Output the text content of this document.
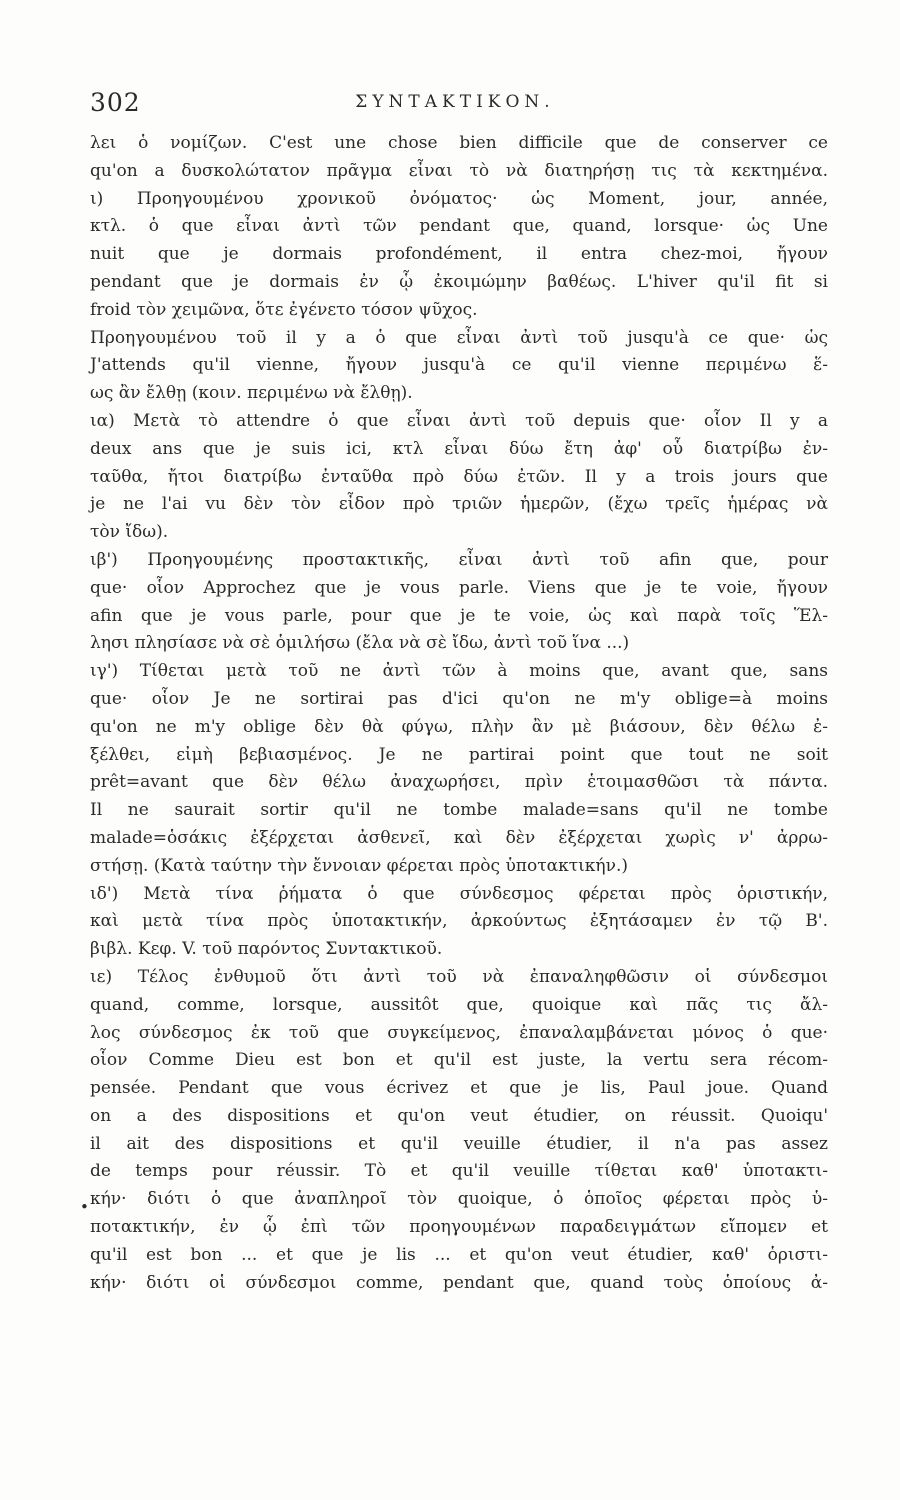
302	ΣΥΝΤΑΚΤΙΚΟΝ.
λει ὁ νομίζων. C'est une chose bien difficile que de conserver ce
qu'on a δυσκολώτατον πρᾶγμα εἶναι τὸ νὰ διατηρήσῃ τις τὰ κεκτημένα.
ι) Προηγουμένου χρονικοῦ ὀνόματος· ὡς Moment, jour, année,
κτλ. ὁ que εἶναι ἀντὶ τῶν pendant que, quand, lorsque· ὡς Une
nuit que je dormais profondément, il entra chez-moi, ἤγουν
pendant que je dormais ἐν ᾧ ἐκοιμώμην βαθέως. L'hiver qu'il fit si
froid τὸν χειμῶνα, ὅτε ἐγένετο τόσον ψῦχος.
Προηγουμένου τοῦ il y a ὁ que εἶναι ἀντὶ τοῦ jusqu'à ce que· ὡς
J'attends qu'il vienne, ἤγουν jusqu'à ce qu'il vienne περιμένω ἕ-
ως ἂν ἔλθῃ (κοιν. περιμένω νὰ ἔλθῃ).
ια) Μετὰ τὸ attendre ὁ que εἶναι ἀντὶ τοῦ depuis que· οἷον Il y a
deux ans que je suis ici, κτλ εἶναι δύω ἔτη ἀφ' οὗ διατρίβω ἐν-
ταῦθα, ἤτοι διατρίβω ἐνταῦθα πρὸ δύω ἐτῶν. Il y a trois jours que
je ne l'ai vu δὲν τὸν εἶδον πρὸ τριῶν ἡμερῶν, (ἔχω τρεῖς ἡμέρας νὰ
τὸν ἴδω).
ιβ') Προηγουμένης προστακτικῆς, εἶναι ἀντὶ τοῦ afin que, pour
que· οἷον Approchez que je vous parle. Viens que je te voie, ἤγουν
afin que je vous parle, pour que je te voie, ὡς καὶ παρὰ τοῖς Ἕλ-
λησι πλησίασε νὰ σὲ ὁμιλήσω (ἔλα νὰ σὲ ἴδω, ἀντὶ τοῦ ἵνα ...)
ιγ') Τίθεται μετὰ τοῦ ne ἀντὶ τῶν à moins que, avant que, sans
que· οἷον Je ne sortirai pas d'ici qu'on ne m'y oblige=à moins
qu'on ne m'y oblige δὲν θὰ φύγω, πλὴν ἂν μὲ βιάσουν, δὲν θέλω ἐ-
ξέλθει, εἰμὴ βεβιασμένος. Je ne partirai point que tout ne soit
prêt=avant que δὲν θέλω ἀναχωρήσει, πρὶν ἑτοιμασθῶσι τὰ πάντα.
Il ne saurait sortir qu'il ne tombe malade=sans qu'il ne tombe
malade=ὁσάκις ἐξέρχεται ἀσθενεῖ, καὶ δὲν ἐξέρχεται χωρὶς ν' ἀρρω-
στήσῃ. (Κατὰ ταύτην τὴν ἔννοιαν φέρεται πρὸς ὑποτακτικήν.)
ιδ') Μετὰ τίνα ῥήματα ὁ que σύνδεσμος φέρεται πρὸς ὁριστικήν,
καὶ μετὰ τίνα πρὸς ὑποτακτικήν, ἀρκούντως ἐξητάσαμεν ἐν τῷ Β'.
βιβλ. Κεφ. V. τοῦ παρόντος Συντακτικοῦ.
ιε) Τέλος ἐνθυμοῦ ὅτι ἀντὶ τοῦ νὰ ἐπαναληφθῶσιν οἱ σύνδεσμοι
quand, comme, lorsque, aussitôt que, quoique καὶ πᾶς τις ἄλ-
λος σύνδεσμος ἐκ τοῦ que συγκείμενος, ἐπαναλαμβάνεται μόνος ὁ que·
οἷον Comme Dieu est bon et qu'il est juste, la vertu sera récom-
pensée. Pendant que vous écrivez et que je lis, Paul joue. Quand
on a des dispositions et qu'on veut étudier, on réussit. Quoiqu'
il ait des dispositions et qu'il veuille étudier, il n'a pas assez
de temps pour réussir. Τὸ et qu'il veuille τίθεται καθ' ὑποτακτι-
κήν· διότι ὁ que ἀναπληροῖ τὸν quoique, ὁ ὁποῖος φέρεται πρὸς ὑ-
ποτακτικήν, ἐν ᾧ ἐπὶ τῶν προηγουμένων παραδειγμάτων εἴπομεν et
qu'il est bon ... et que je lis ... et qu'on veut étudier, καθ' ὁριστι-
κήν· διότι οἱ σύνδεσμοι comme, pendant que, quand τοὺς ὁποίους ἀ-
•
